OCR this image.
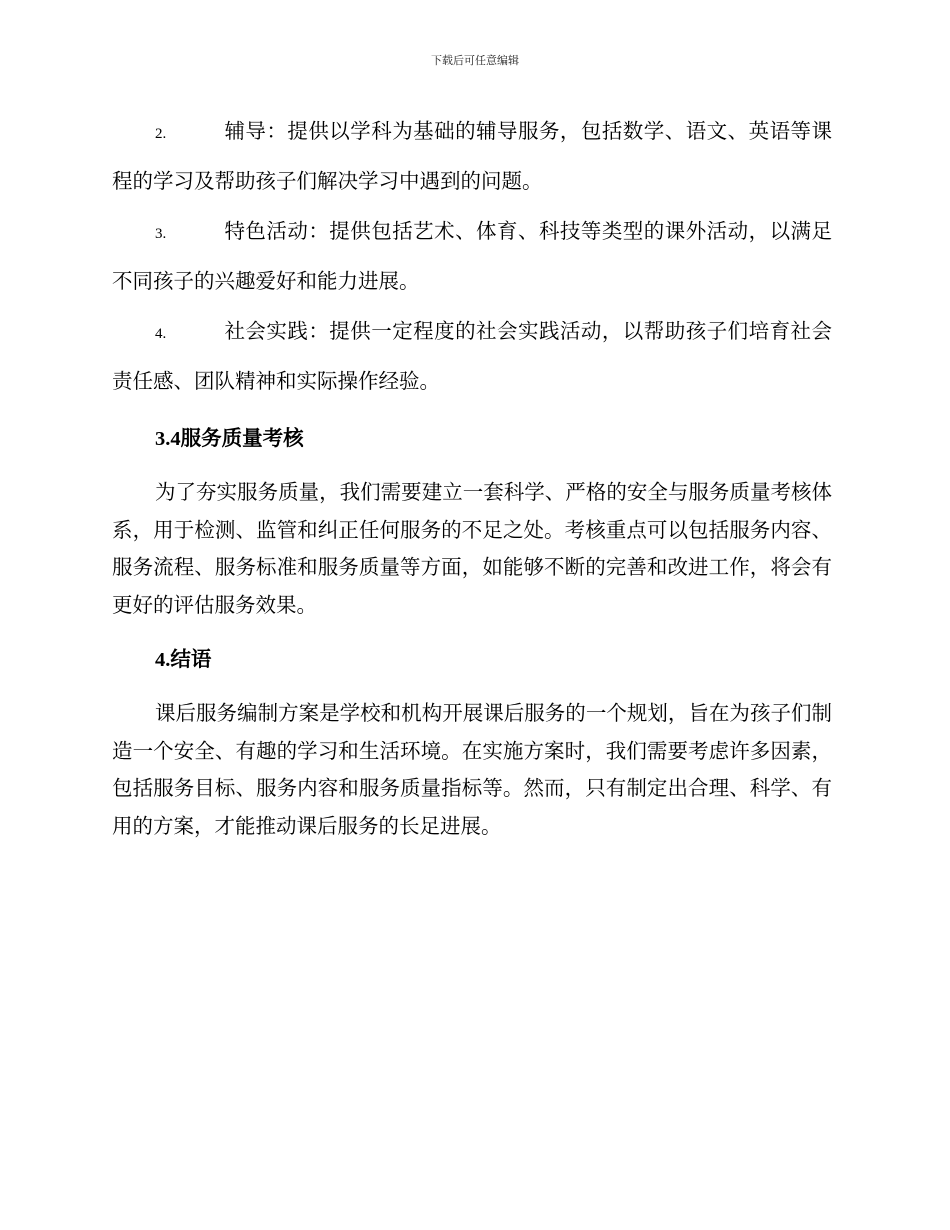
下载后可任意编辑

2.	辅导：提供以学科为基础的辅导服务，包括数学、语文、英语等课程的学习及帮助孩子们解决学习中遇到的问题。

3.	特色活动：提供包括艺术、体育、科技等类型的课外活动，以满足不同孩子的兴趣爱好和能力进展。

4.	社会实践：提供一定程度的社会实践活动，以帮助孩子们培育社会责任感、团队精神和实际操作经验。

3.4服务质量考核

为了夯实服务质量，我们需要建立一套科学、严格的安全与服务质量考核体系，用于检测、监管和纠正任何服务的不足之处。考核重点可以包括服务内容、服务流程、服务标准和服务质量等方面，如能够不断的完善和改进工作，将会有更好的评估服务效果。

4.结语

课后服务编制方案是学校和机构开展课后服务的一个规划，旨在为孩子们制造一个安全、有趣的学习和生活环境。在实施方案时，我们需要考虑许多因素，包括服务目标、服务内容和服务质量指标等。然而，只有制定出合理、科学、有用的方案，才能推动课后服务的长足进展。
